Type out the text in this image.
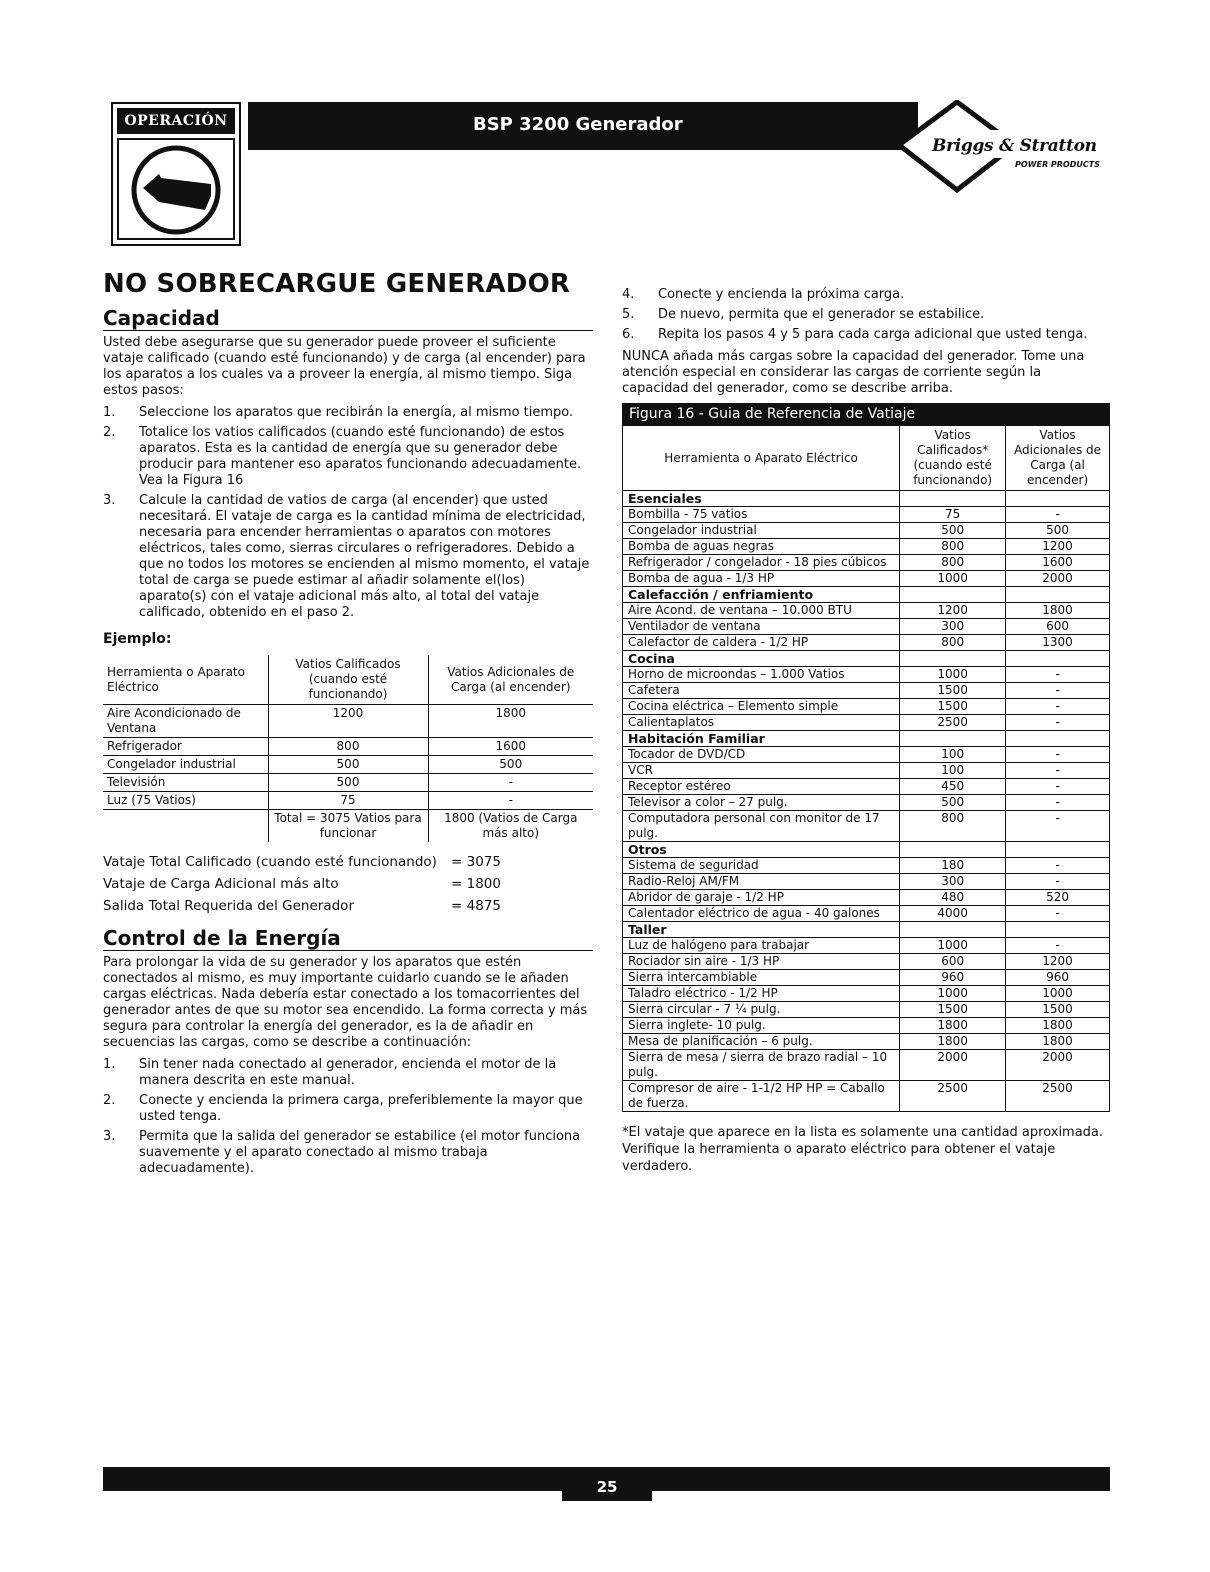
OPERACIÓN	BSP 3200 Generador
Briggs & Stratton
POWER PRODUCTS
NO SOBRECARGUE GENERADOR
Capacidad

Usted debe asegurarse que su generador puede proveer el suficiente vataje calificado (cuando esté funcionando) y de carga (al encender) para los aparatos a los cuales va a proveer la energía, al mismo tiempo. Siga estos pasos:

1. Seleccione los aparatos que recibirán la energía, al mismo tiempo.
2. Totalice los vatios calificados (cuando esté funcionando) de estos aparatos. Esta es la cantidad de energía que su generador debe producir para mantener eso aparatos funcionando adecuadamente. Vea la Figura 16
3. Calcule la cantidad de vatios de carga (al encender) que usted necesitará. El vataje de carga es la cantidad mínima de electricidad, necesaria para encender herramientas o aparatos con motores eléctricos, tales como, sierras circulares o refrigeradores. Debido a que no todos los motores se encienden al mismo momento, el vataje total de carga se puede estimar al añadir solamente el(los) aparato(s) con el vataje adicional más alto, al total del vataje calificado, obtenido en el paso 2.
Ejemplo:
Herramienta o Aparato Eléctrico	Vatios Calificados (cuando esté funcionando)	Vatios Adicionales de Carga (al encender)
Aire Acondicionado de Ventana	1200	1800
Refrigerador	800	1600
Congelador industrial	500	500
Televisión	500	-
Luz (75 Vatios)	75	-
	Total = 3075 Vatios para funcionar	1800 (Vatios de Carga más alto)
Vataje Total Calificado (cuando esté funcionando)	= 3075
Vataje de Carga Adicional más alto	= 1800
Salida Total Requerida del Generador	= 4875
Control de la Energía

Para prolongar la vida de su generador y los aparatos que estén conectados al mismo, es muy importante cuidarlo cuando se le añaden cargas eléctricas. Nada debería estar conectado a los tomacorrientes del generador antes de que su motor sea encendido. La forma correcta y más segura para controlar la energía del generador, es la de añadir en secuencias las cargas, como se describe a continuación:

1. Sin tener nada conectado al generador, encienda el motor de la manera descrita en este manual.
2. Conecte y encienda la primera carga, preferiblemente la mayor que usted tenga.
3. Permita que la salida del generador se estabilice (el motor funciona suavemente y el aparato conectado al mismo trabaja adecuadamente).
4. Conecte y encienda la próxima carga.
5. De nuevo, permita que el generador se estabilice.
6. Repita los pasos 4 y 5 para cada carga adicional que usted tenga.

NUNCA añada más cargas sobre la capacidad del generador. Tome una atención especial en considerar las cargas de corriente según la capacidad del generador, como se describe arriba.

Figura 16 - Guia de Referencia de Vatiaje		
Herramienta o Aparato Eléctrico	Vatios Calificados* (cuando esté funcionando)	Vatios Adicionales de Carga (al encender)
Esenciales		
Bombilla - 75 vatios	75	-
Congelador industrial	500	500
Bomba de aguas negras	800	1200
Refrigerador / congelador - 18 pies cúbicos	800	1600
Bomba de agua - 1/3 HP	1000	2000
Calefacción / enfriamiento		
Aire Acond. de ventana – 10.000 BTU	1200	1800
Ventilador de ventana	300	600
Calefactor de caldera - 1/2 HP	800	1300
Cocina		
Horno de microondas – 1.000 Vatios	1000	-
Cafetera	1500	-
Cocina eléctrica – Elemento simple	1500	-
Calientaplatos	2500	-
Habitación Familiar		
Tocador de DVD/CD	100	-
VCR	100	-
Receptor estéreo	450	-
Televisor a color – 27 pulg.	500	-
Computadora personal con monitor de 17 pulg.	800	-
Otros		
Sistema de seguridad	180	-
Radio-Reloj AM/FM	300	-
Abridor de garaje - 1/2 HP	480	520
Calentador eléctrico de agua - 40 galones	4000	-
Taller		
Luz de halógeno para trabajar	1000	-
Rociador sin aire - 1/3 HP	600	1200
Sierra intercambiable	960	960
Taladro eléctrico - 1/2 HP	1000	1000
Sierra circular - 7 ¼ pulg.	1500	1500
Sierra inglete- 10 pulg.	1800	1800
Mesa de planificación – 6 pulg.	1800	1800
Sierra de mesa / sierra de brazo radial – 10 pulg.	2000	2000
Compresor de aire - 1-1/2 HP HP = Caballo de fuerza.	2500	2500
*El vataje que aparece en la lista es solamente una cantidad aproximada. Verifique la herramienta o aparato eléctrico para obtener el vataje verdadero.
25
